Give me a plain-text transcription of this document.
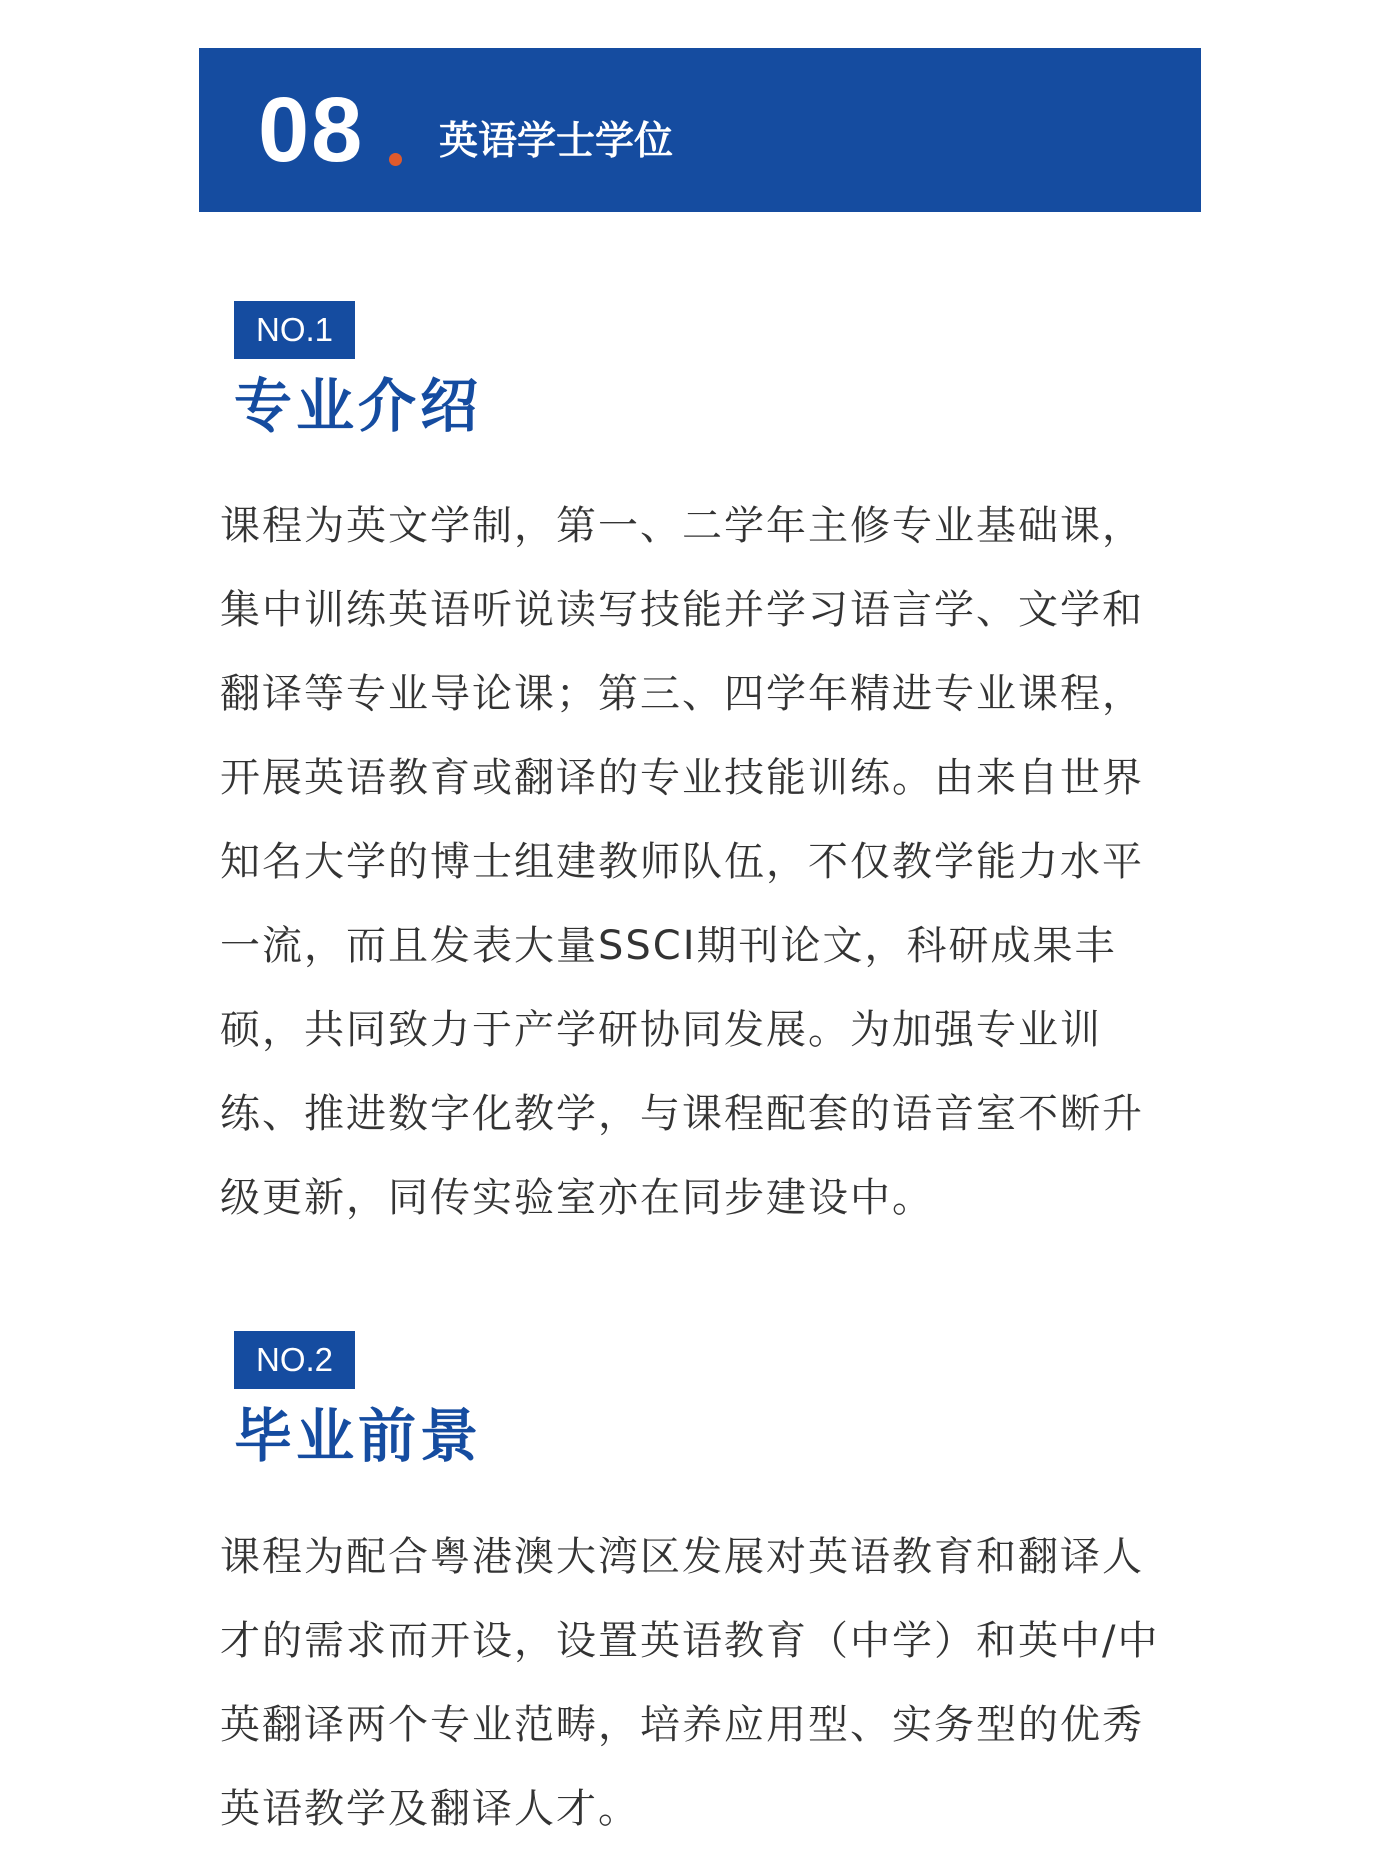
08 英语学士学位
NO.1
专业介绍

课程为英文学制，第一、二学年主修专业基础课，集中训练英语听说读写技能并学习语言学、文学和翻译等专业导论课；第三、四学年精进专业课程，开展英语教育或翻译的专业技能训练。由来自世界知名大学的博士组建教师队伍，不仅教学能力水平一流，而且发表大量SSCI期刊论文，科研成果丰硕，共同致力于产学研协同发展。为加强专业训练、推进数字化教学，与课程配套的语音室不断升级更新，同传实验室亦在同步建设中。

NO.2
毕业前景

课程为配合粤港澳大湾区发展对英语教育和翻译人才的需求而开设，设置英语教育（中学）和英中/中英翻译两个专业范畴，培养应用型、实务型的优秀英语教学及翻译人才。
